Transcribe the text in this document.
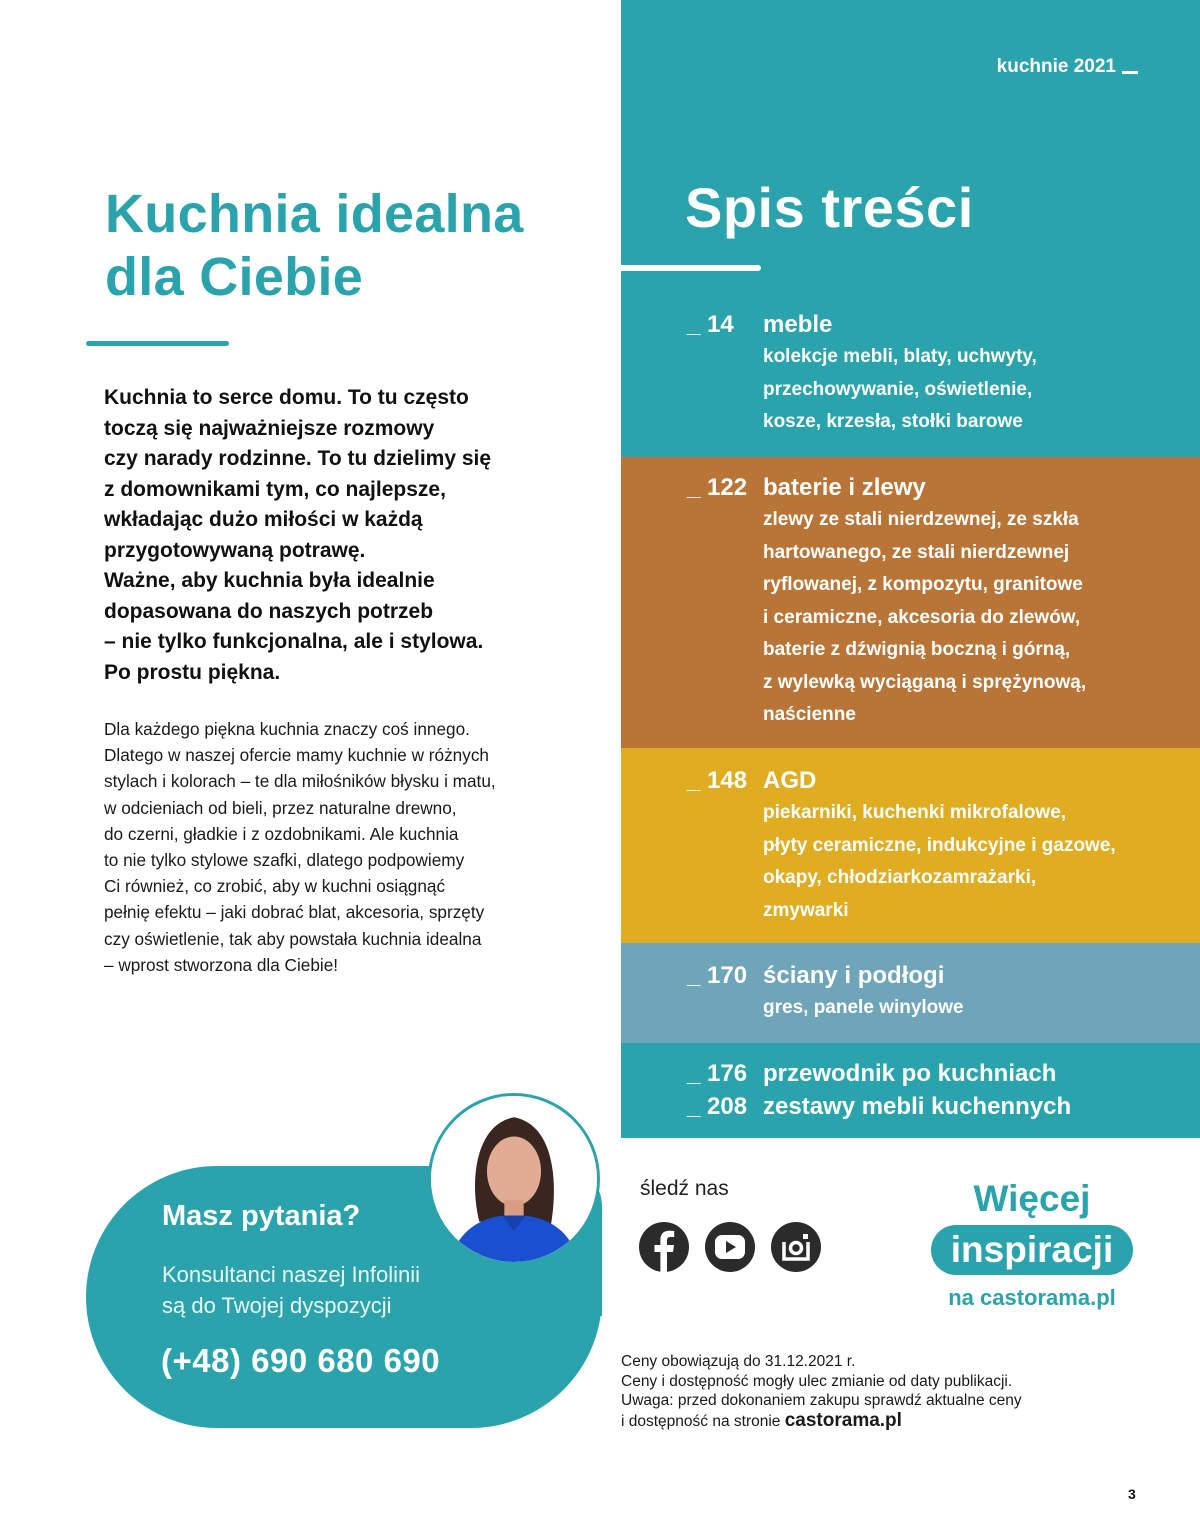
Kuchnia idealna
dla Ciebie

Kuchnia to serce domu. To tu często

toczą się najważniejsze rozmowy

czy narady rodzinne. To tu dzielimy się

z domownikami tym, co najlepsze,

wkładając dużo miłości w każdą

przygotowywaną potrawę.

Ważne, aby kuchnia była idealnie

dopasowana do naszych potrzeb

– nie tylko funkcjonalna, ale i stylowa.

Po prostu piękna.

Dla każdego piękna kuchnia znaczy coś innego.

Dlatego w naszej ofercie mamy kuchnie w różnych

stylach i kolorach – te dla miłośników błysku i matu,

w odcieniach od bieli, przez naturalne drewno,

do czerni, gładkie i z ozdobnikami. Ale kuchnia

to nie tylko stylowe szafki, dlatego podpowiemy

Ci również, co zrobić, aby w kuchni osiągnąć

pełnię efektu – jaki dobrać blat, akcesoria, sprzęty

czy oświetlenie, tak aby powstała kuchnia idealna

– wprost stworzona dla Ciebie!

Masz pytania?
Konsultanci naszej Infolinii
są do Twojej dyspozycji
(+48) 690 680 690
kuchnie 2021
Spis treści
_ 14	meble

kolekcje mebli, blaty, uchwyty,

przechowywanie, oświetlenie,

kosze, krzesła, stołki barowe

_ 122 baterie i zlewy

zlewy ze stali nierdzewnej, ze szkła

hartowanego, ze stali nierdzewnej

ryflowanej, z kompozytu, granitowe

i ceramiczne, akcesoria do zlewów,

baterie z dźwignią boczną i górną,

z wylewką wyciąganą i sprężynową,

naścienne

_ 148 AGD

piekarniki, kuchenki mikrofalowe,

płyty ceramiczne, indukcyjne i gazowe,

okapy, chłodziarkozamrażarki,

zmywarki

_ 170 ściany i podłogi

gres, panele winylowe

_ 176 przewodnik po kuchniach
_ 208 zestawy mebli kuchennych
śledź nas	Więcej
inspiracji
na castorama.pl

Ceny obowiązują do 31.12.2021 r.

Ceny i dostępność mogły ulec zmianie od daty publikacji.

Uwaga: przed dokonaniem zakupu sprawdź aktualne ceny

i dostępność na stronie castorama.pl

3
